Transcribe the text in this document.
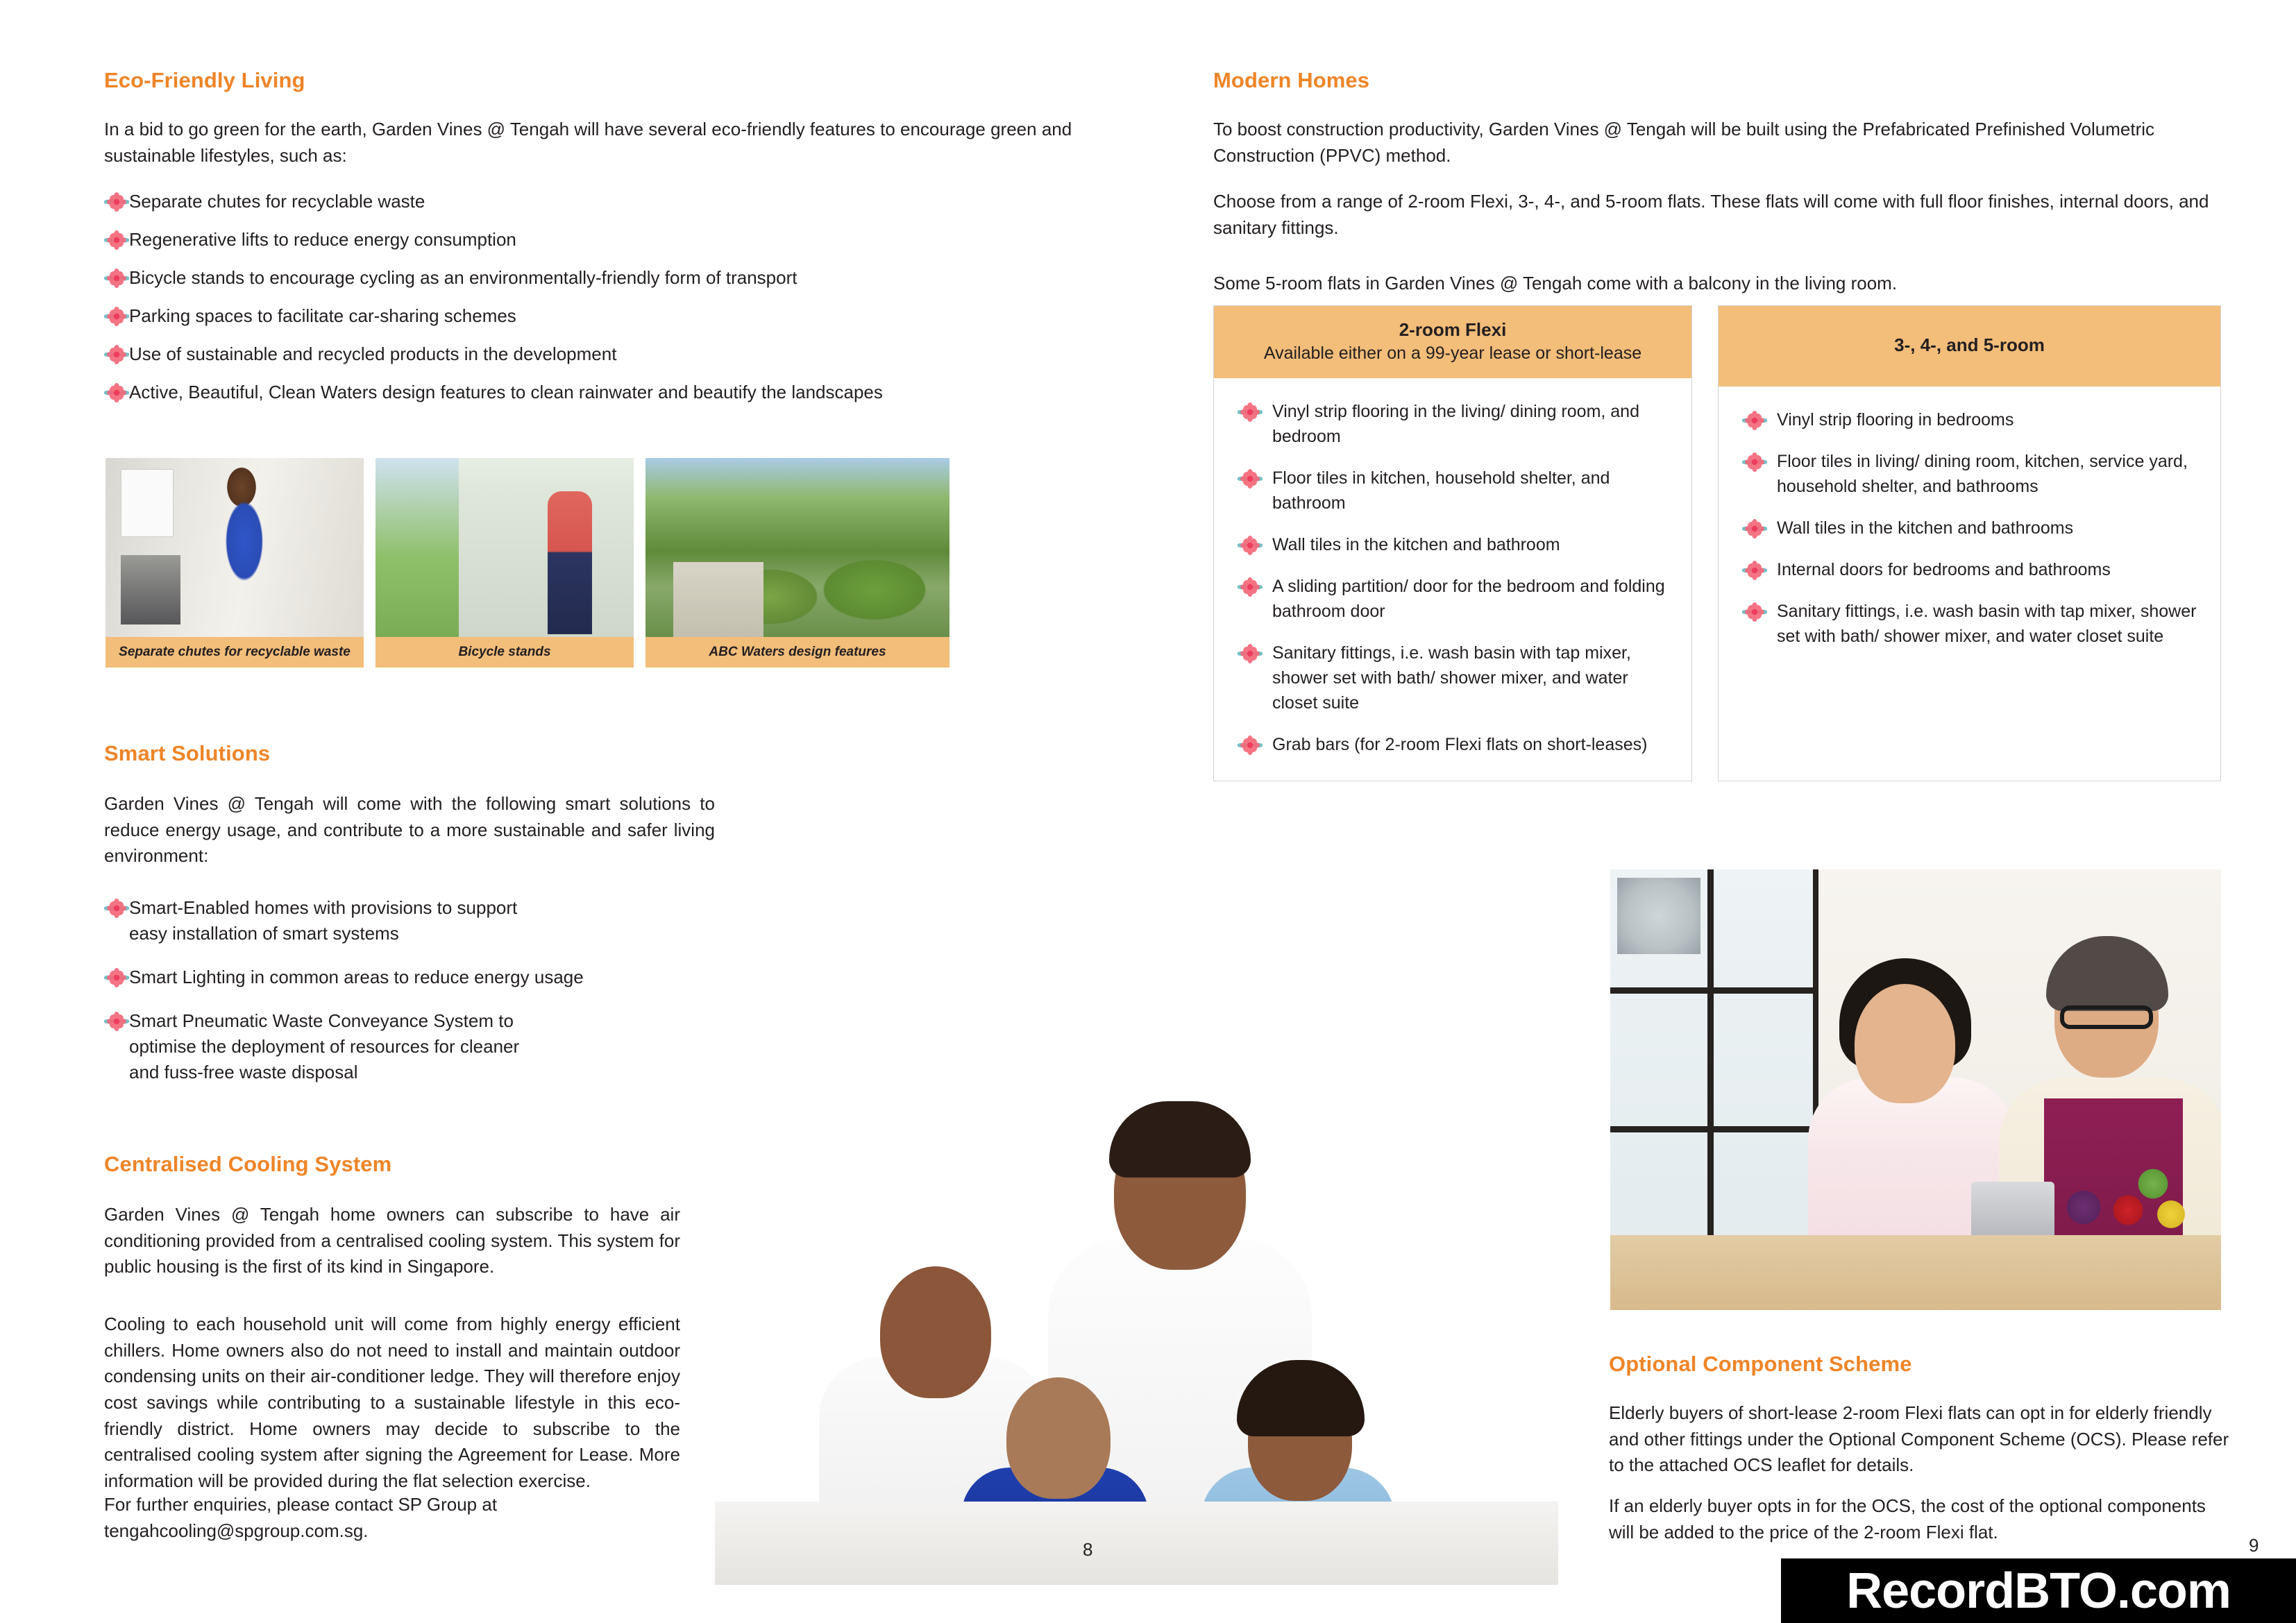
Eco-Friendly Living
In a bid to go green for the earth, Garden Vines @ Tengah will have several eco-friendly features to encourage green and sustainable lifestyles, such as:
Separate chutes for recyclable waste
Regenerative lifts to reduce energy consumption
Bicycle stands to encourage cycling as an environmentally-friendly form of transport
Parking spaces to facilitate car-sharing schemes
Use of sustainable and recycled products in the development
Active, Beautiful, Clean Waters design features to clean rainwater and beautify the landscapes
Separate chutes for recyclable waste	Bicycle stands	ABC Waters design features
Smart Solutions
Garden Vines @ Tengah will come with the following smart solutions to reduce energy usage, and contribute to a more sustainable and safer living environment:
Smart-Enabled homes with provisions to support easy installation of smart systems
Smart Lighting in common areas to reduce energy usage
Smart Pneumatic Waste Conveyance System to optimise the deployment of resources for cleaner and fuss-free waste disposal
Centralised Cooling System
Garden Vines @ Tengah home owners can subscribe to have air conditioning provided from a centralised cooling system. This system for public housing is the first of its kind in Singapore.
Cooling to each household unit will come from highly energy efficient chillers. Home owners also do not need to install and maintain outdoor condensing units on their air-conditioner ledge. They will therefore enjoy cost savings while contributing to a sustainable lifestyle in this eco-friendly district. Home owners may decide to subscribe to the centralised cooling system after signing the Agreement for Lease. More information will be provided during the flat selection exercise.
For further enquiries, please contact SP Group at tengahcooling@spgroup.com.sg.
8
Modern Homes
To boost construction productivity, Garden Vines @ Tengah will be built using the Prefabricated Prefinished Volumetric Construction (PPVC) method.
Choose from a range of 2-room Flexi, 3-, 4-, and 5-room flats. These flats will come with full floor finishes, internal doors, and sanitary fittings.
Some 5-room flats in Garden Vines @ Tengah come with a balcony in the living room.
2-room Flexi
Available either on a 99-year lease or short-lease
Vinyl strip flooring in the living/ dining room, and bedroom
Floor tiles in kitchen, household shelter, and bathroom
Wall tiles in the kitchen and bathroom
A sliding partition/ door for the bedroom and folding bathroom door
Sanitary fittings, i.e. wash basin with tap mixer, shower set with bath/ shower mixer, and water closet suite
Grab bars (for 2-room Flexi flats on short-leases)
3-, 4-, and 5-room
Vinyl strip flooring in bedrooms
Floor tiles in living/ dining room, kitchen, service yard, household shelter, and bathrooms
Wall tiles in the kitchen and bathrooms
Internal doors for bedrooms and bathrooms
Sanitary fittings, i.e. wash basin with tap mixer, shower set with bath/ shower mixer, and water closet suite
Optional Component Scheme
Elderly buyers of short-lease 2-room Flexi flats can opt in for elderly friendly and other fittings under the Optional Component Scheme (OCS). Please refer to the attached OCS leaflet for details.
If an elderly buyer opts in for the OCS, the cost of the optional components will be added to the price of the 2-room Flexi flat.
9
RecordBTO.com
